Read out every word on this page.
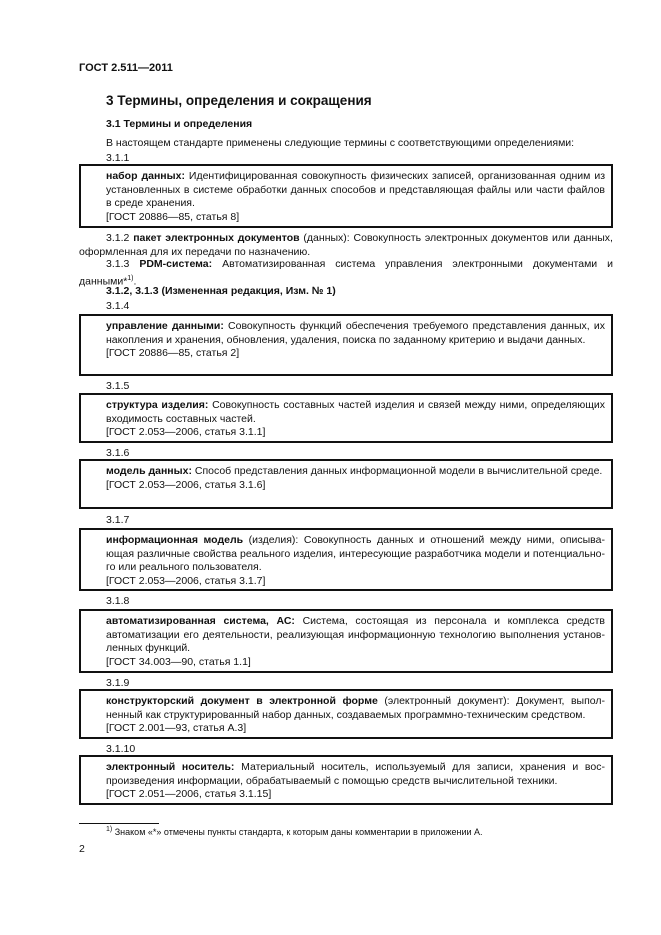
ГОСТ 2.511—2011
3 Термины, определения и сокращения
3.1 Термины и определения
В настоящем стандарте применены следующие термины с соответствующими определениями:
3.1.1

набор данных: Идентифицированная совокупность физических записей, организованная одним из установленных в системе обработки данных способов и представляющая файлы или части файлов в среде хранения.

[ГОСТ 20886—85, статья 8]

3.1.2 пакет электронных документов (данных): Совокупность электронных документов или данных, оформленная для их передачи по назначению.
3.1.3 PDM-система: Автоматизированная система управления электронными документами и данными*$^{1)}$.
3.1.2, 3.1.3 (Измененная редакция, Изм. № 1)
3.1.4

управление данными: Совокупность функций обеспечения требуемого представления данных, их накопления и хранения, обновления, удаления, поиска по заданному критерию и выдачи данных.

[ГОСТ 20886—85, статья 2]

3.1.5

структура изделия: Совокупность составных частей изделия и связей между ними, определяющих входимость составных частей.

[ГОСТ 2.053—2006, статья 3.1.1]

3.1.6

модель данных: Способ представления данных информационной модели в вычислительной среде.

[ГОСТ 2.053—2006, статья 3.1.6]

3.1.7

информационная модель (изделия): Совокупность данных и отношений между ними, описывающая различные свойства реального изделия, интересующие разработчика модели и потенциального или реального пользователя.

[ГОСТ 2.053—2006, статья 3.1.7]

3.1.8

автоматизированная система, АС: Система, состоящая из персонала и комплекса средств автоматизации его деятельности, реализующая информационную технологию выполнения установленных функций.

[ГОСТ 34.003—90, статья 1.1]

3.1.9

конструкторский документ в электронной форме (электронный документ): Документ, выполненный как структурированный набор данных, создаваемых программно-техническим средством.

[ГОСТ 2.001—93, статья А.3]

3.1.10

электронный носитель: Материальный носитель, используемый для записи, хранения и воспроизведения информации, обрабатываемый с помощью средств вычислительной техники.

[ГОСТ 2.051—2006, статья 3.1.15]

$^{1)}$ Знаком «*» отмечены пункты стандарта, к которым даны комментарии в приложении А.
2
